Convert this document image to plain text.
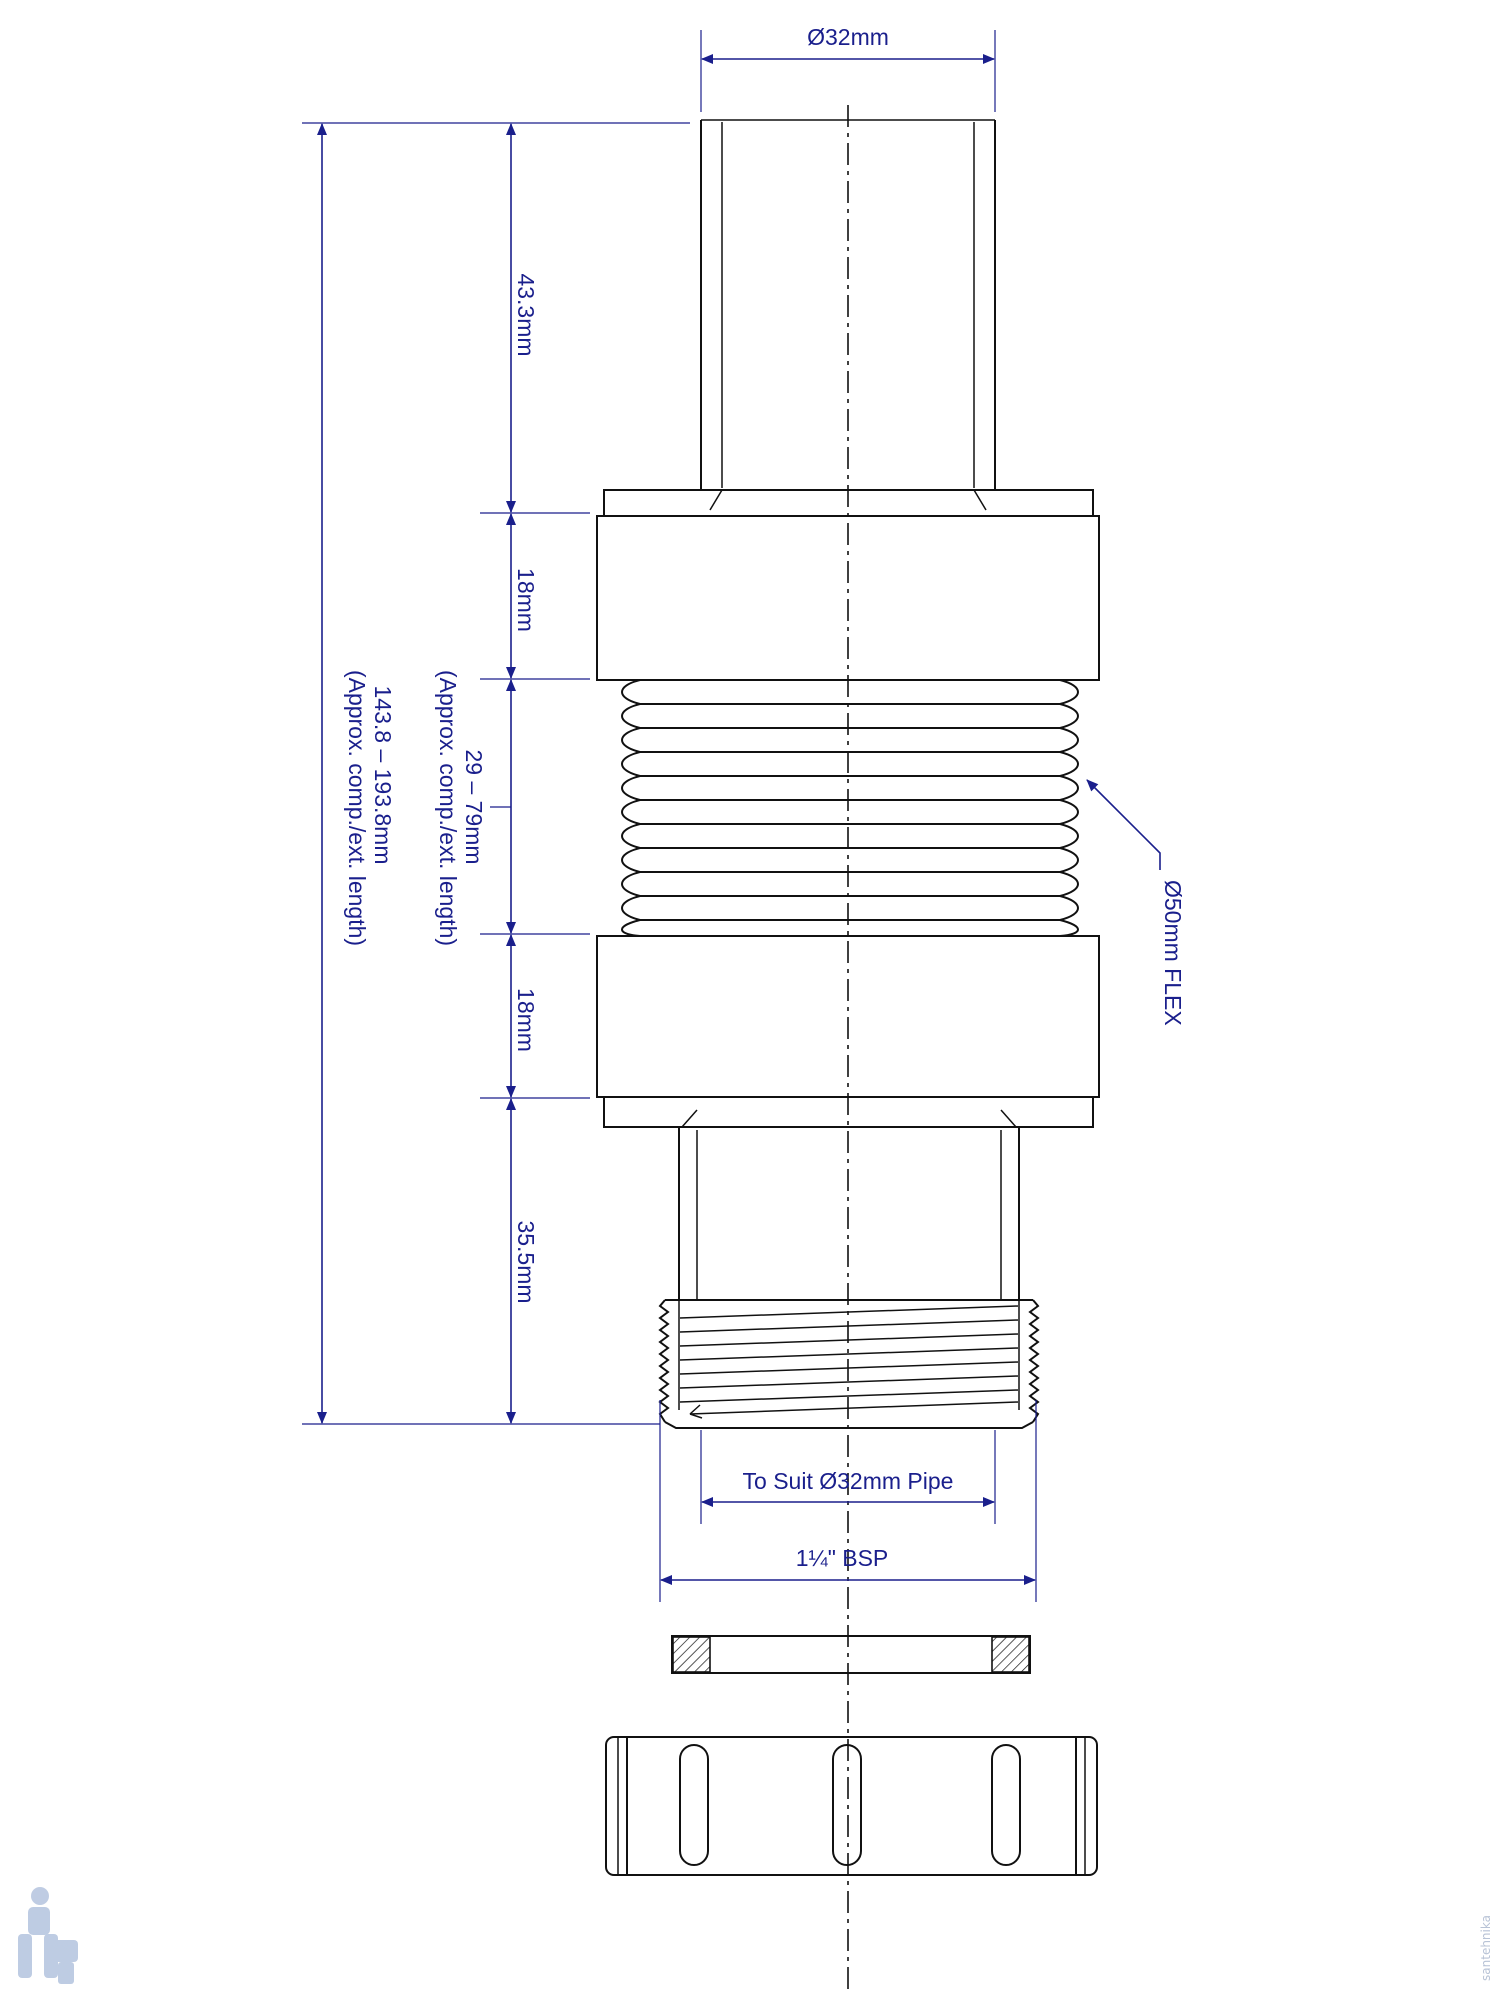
Ø32mm
143.8 – 193.8mm
(Approx. comp./ext. length)
43.3mm
18mm
29 – 79mm
(Approx. comp./ext. length)
18mm
35.5mm
Ø50mm FLEX
To Suit Ø32mm Pipe
1¼" BSP
santehnika
